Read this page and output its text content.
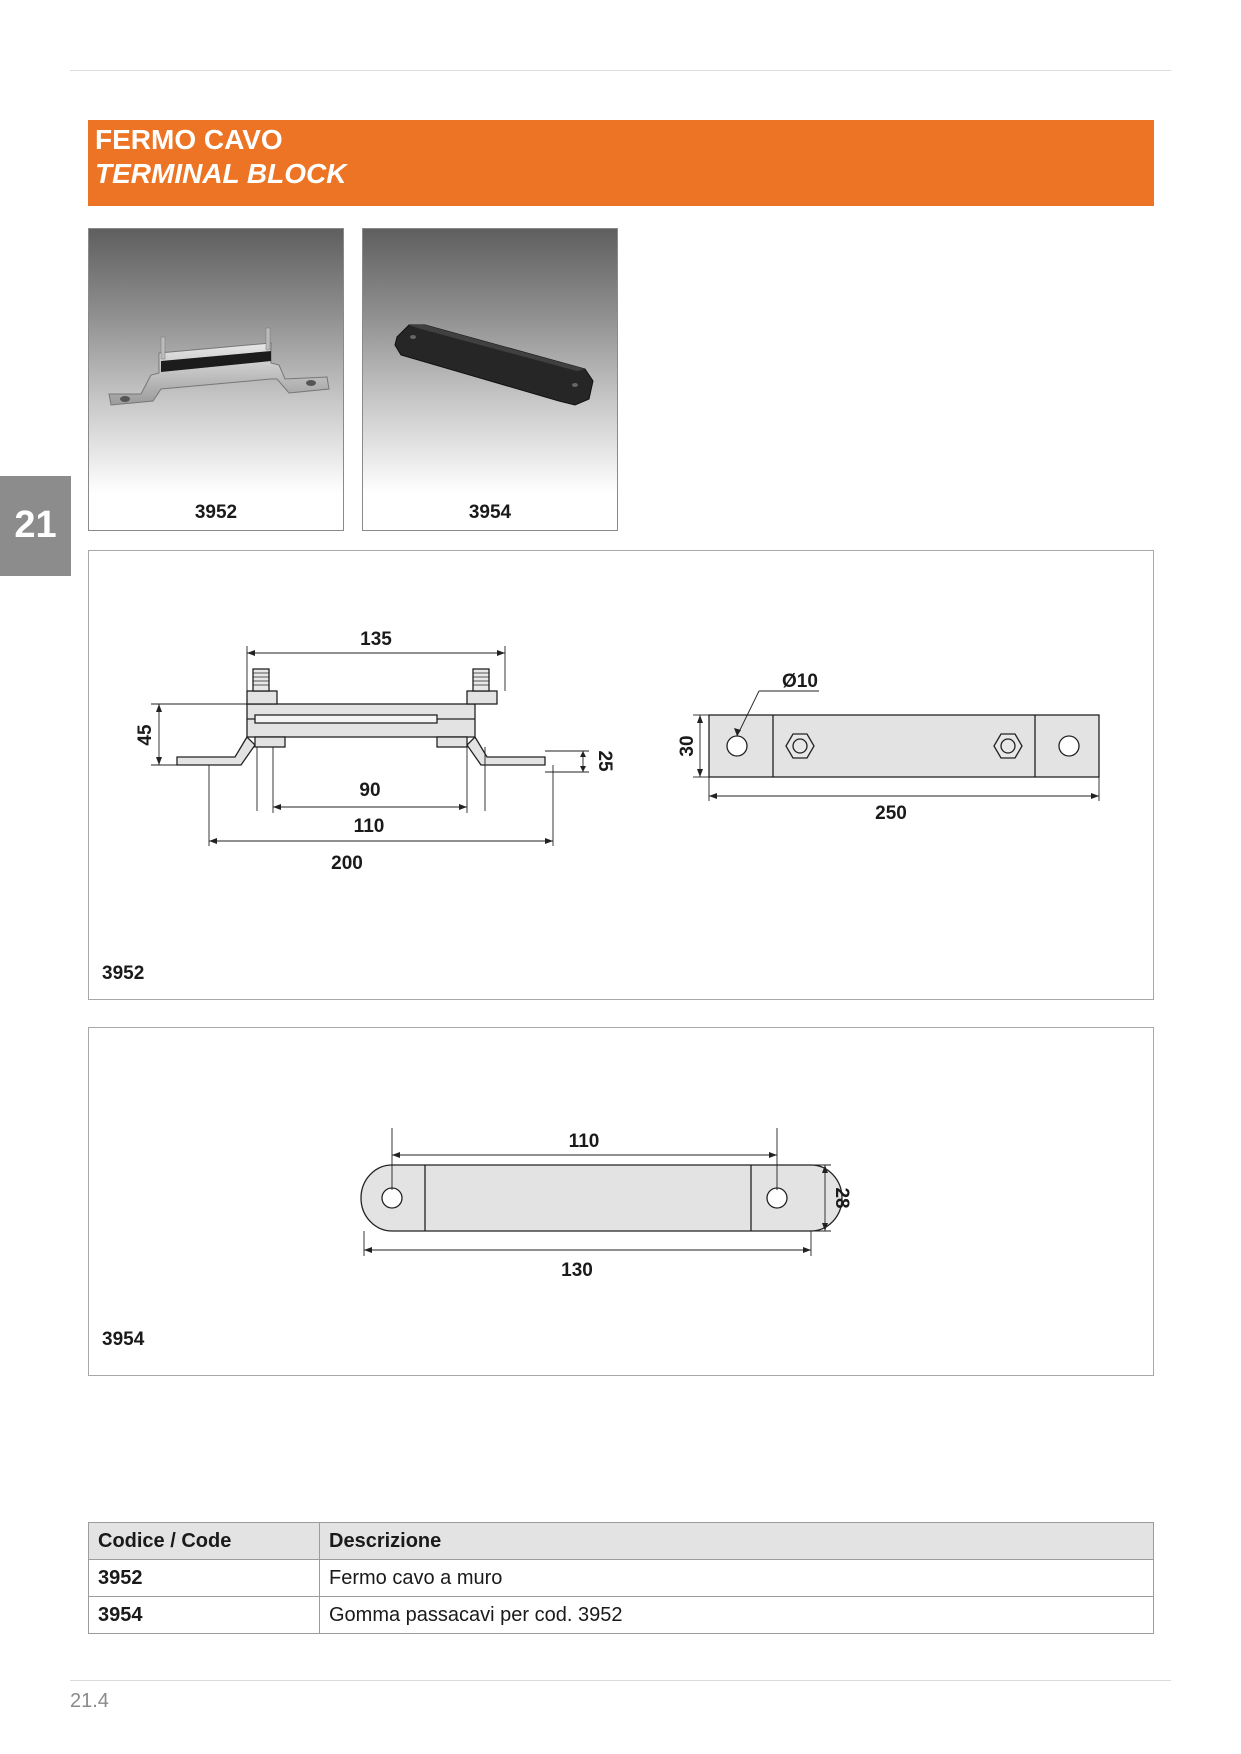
FERMO CAVO
TERMINAL BLOCK
21	3952	3954
135
45
25
90
110
200
Ø10
30
250
3952
110
130
28
3954
Codice / Code	Descrizione
3952	Fermo cavo a muro
3954	Gomma passacavi per cod. 3952
21.4
